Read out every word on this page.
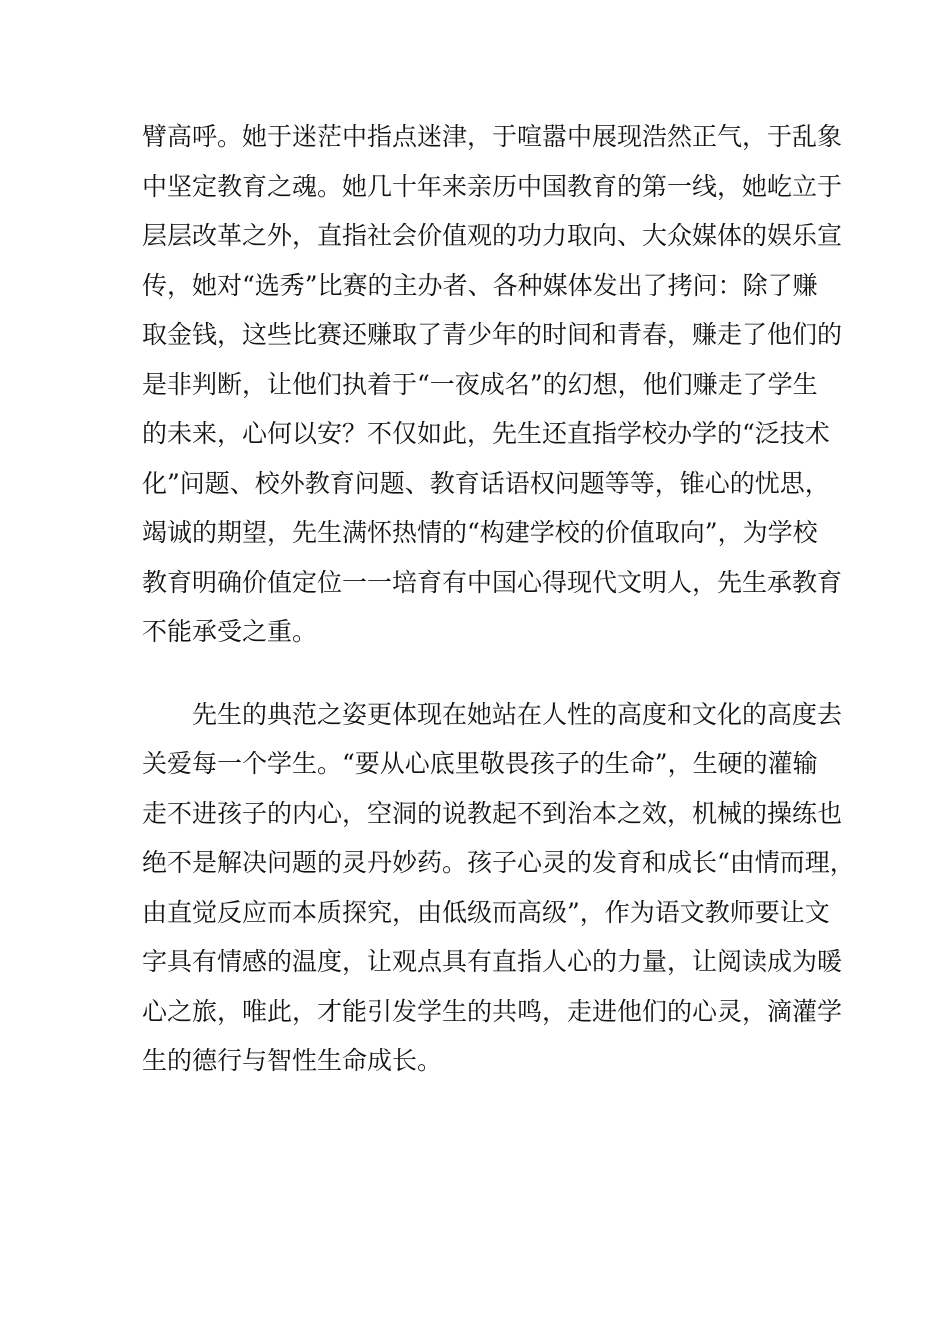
臂高呼。她于迷茫中指点迷津，于喧嚣中展现浩然正气，于乱象
中坚定教育之魂。她几十年来亲历中国教育的第一线，她屹立于
层层改革之外，直指社会价值观的功力取向、大众媒体的娱乐宣
传，她对“选秀”比赛的主办者、各种媒体发出了拷问：除了赚
取金钱，这些比赛还赚取了青少年的时间和青春，赚走了他们的
是非判断，让他们执着于“一夜成名”的幻想，他们赚走了学生
的未来，心何以安？不仅如此，先生还直指学校办学的“泛技术
化”问题、校外教育问题、教育话语权问题等等，锥心的忧思，
竭诚的期望，先生满怀热情的“构建学校的价值取向”，为学校
教育明确价值定位一一培育有中国心得现代文明人，先生承教育
不能承受之重。
先生的典范之姿更体现在她站在人性的高度和文化的高度去
关爱每一个学生。“要从心底里敬畏孩子的生命”，生硬的灌输
走不进孩子的内心，空洞的说教起不到治本之效，机械的操练也
绝不是解决问题的灵丹妙药。孩子心灵的发育和成长“由情而理，
由直觉反应而本质探究，由低级而高级”，作为语文教师要让文
字具有情感的温度，让观点具有直指人心的力量，让阅读成为暖
心之旅，唯此，才能引发学生的共鸣，走进他们的心灵，滴灌学
生的德行与智性生命成长。
